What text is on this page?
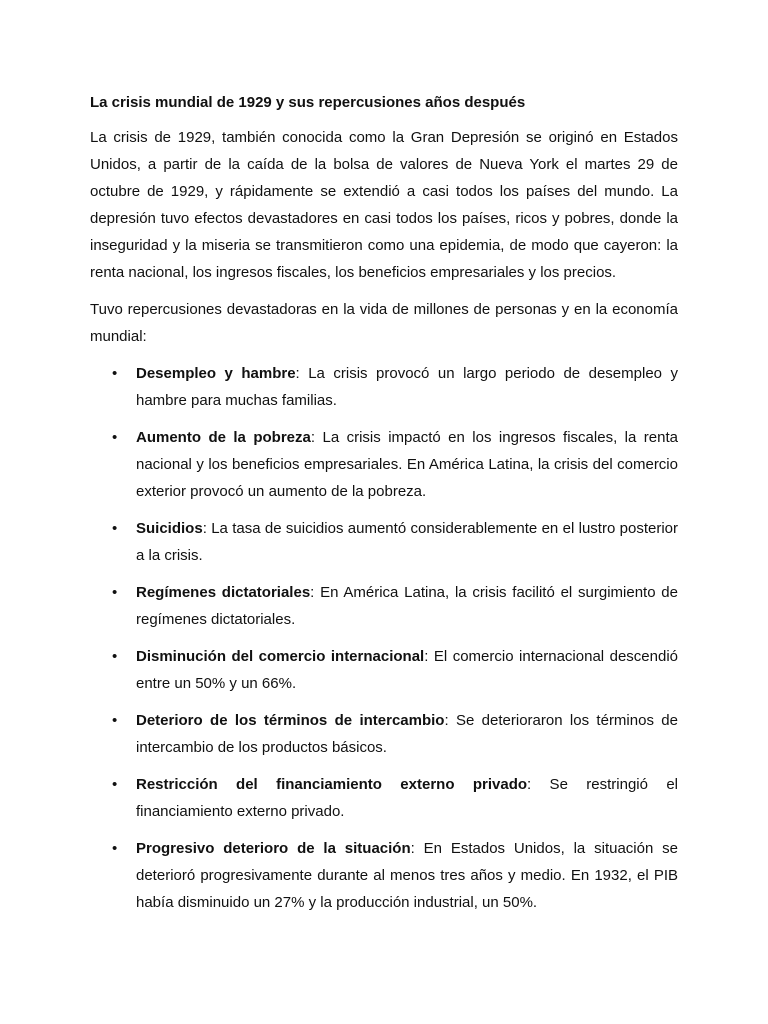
La crisis mundial de 1929 y sus repercusiones años después

La crisis de 1929, también conocida como la Gran Depresión se originó en Estados Unidos, a partir de la caída de la bolsa de valores de Nueva York el martes 29 de octubre de 1929, y rápidamente se extendió a casi todos los países del mundo. La depresión tuvo efectos devastadores en casi todos los países, ricos y pobres, donde la inseguridad y la miseria se transmitieron como una epidemia, de modo que cayeron: la renta nacional, los ingresos fiscales, los beneficios empresariales y los precios.

Tuvo repercusiones devastadoras en la vida de millones de personas y en la economía mundial:

• Desempleo y hambre: La crisis provocó un largo periodo de desempleo y hambre para muchas familias.
• Aumento de la pobreza: La crisis impactó en los ingresos fiscales, la renta nacional y los beneficios empresariales. En América Latina, la crisis del comercio exterior provocó un aumento de la pobreza.
• Suicidios: La tasa de suicidios aumentó considerablemente en el lustro posterior a la crisis.
• Regímenes dictatoriales: En América Latina, la crisis facilitó el surgimiento de regímenes dictatoriales.
• Disminución del comercio internacional: El comercio internacional descendió entre un 50% y un 66%.
• Deterioro de los términos de intercambio: Se deterioraron los términos de intercambio de los productos básicos.
• Restricción del financiamiento externo privado: Se restringió el financiamiento externo privado.
• Progresivo deterioro de la situación: En Estados Unidos, la situación se deterioró progresivamente durante al menos tres años y medio. En 1932, el PIB había disminuido un 27% y la producción industrial, un 50%.
